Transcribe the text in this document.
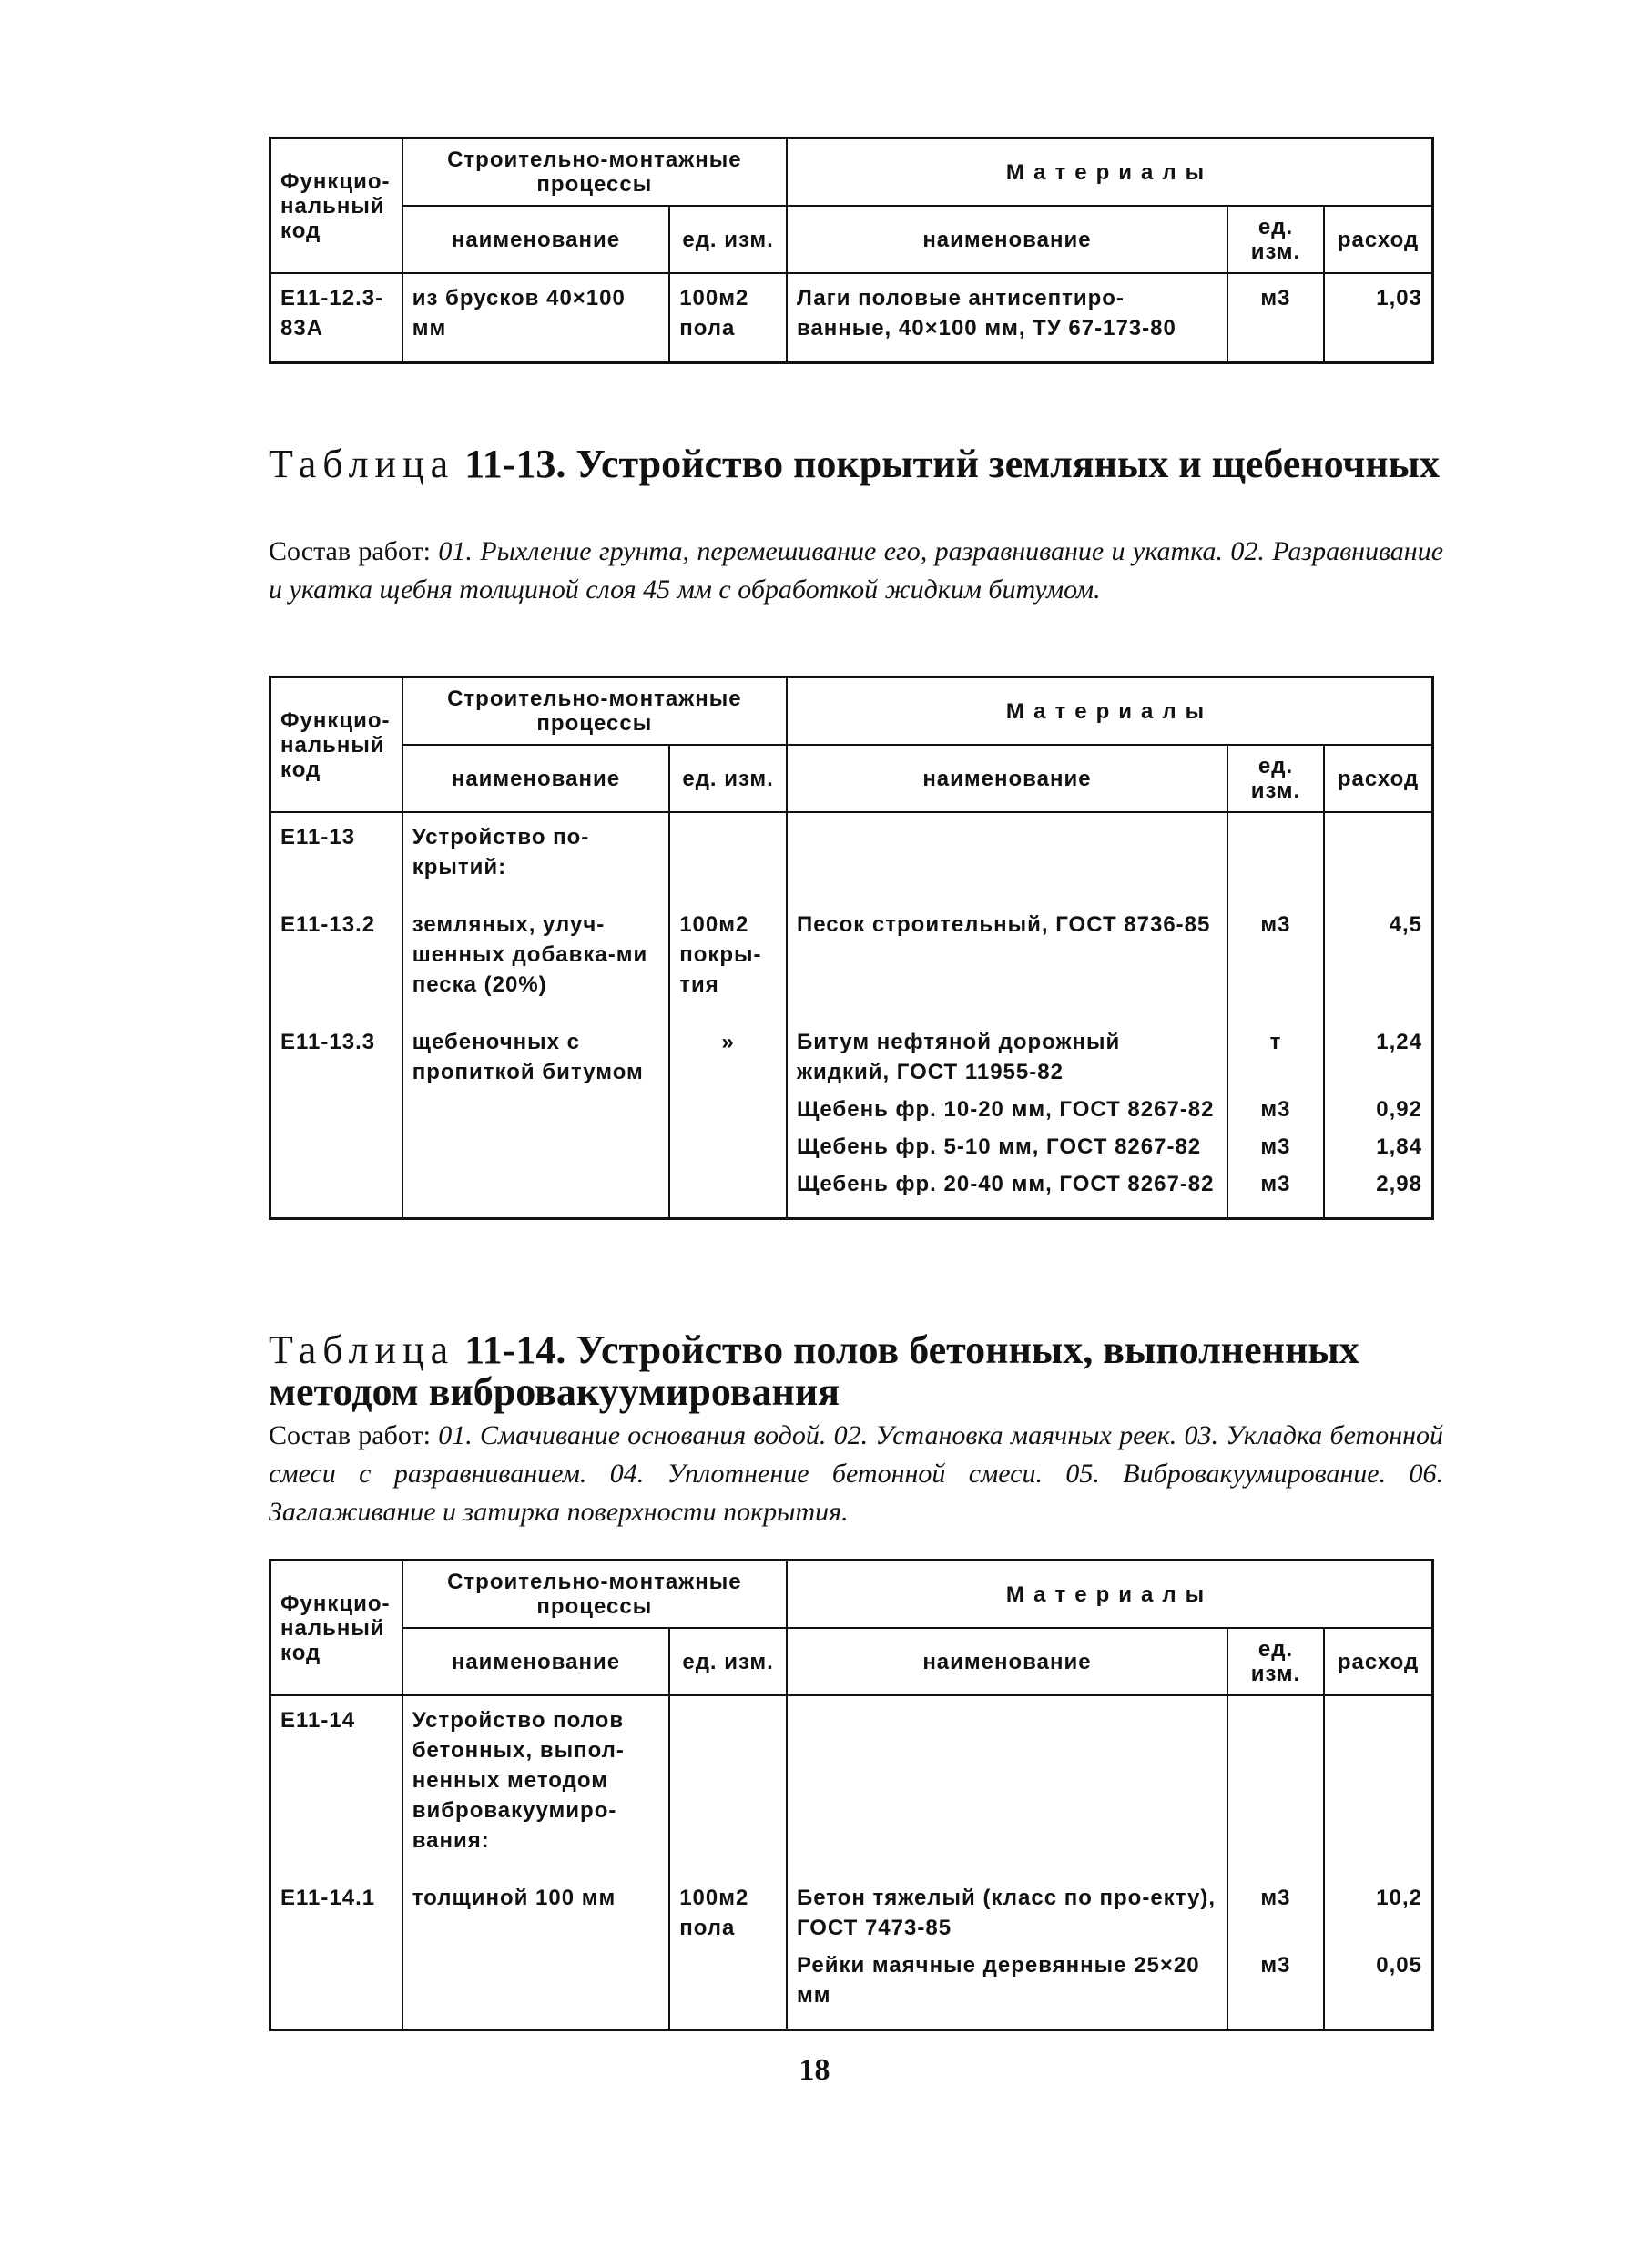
Функцио-нальный код	Строительно-монтажные процессы		Материалы		
	наименование	ед. изм.	наименование	ед. изм.	расход
Е11-12.3-83А	из брусков 40×100 мм	100м2 пола	Лаги половые антисептиро-ванные, 40×100 мм, ТУ 67-173-80	м3	1,03
Таблица 11-13. Устройство покрытий земляных и щебеночных

Состав работ: 01. Рыхление грунта, перемешивание его, разравнивание и укатка. 02. Разравнивание и укатка щебня толщиной слоя 45 мм с обработкой жидким битумом.

Функцио-нальный код	Строительно-монтажные процессы		Материалы		
	наименование	ед. изм.	наименование	ед. изм.	расход
Е11-13	Устройство по-крытий:				

Е11-13.2	земляных, улуч-шенных добавка-ми песка (20%)	100м2 покры-тия	Песок строительный, ГОСТ 8736-85	м3	4,5

Е11-13.3	щебеночных с пропиткой битумом	»	Битум нефтяной дорожный жидкий, ГОСТ 11955-82	т	1,24
			Щебень фр. 10-20 мм, ГОСТ 8267-82	м3	0,92
			Щебень фр. 5-10 мм, ГОСТ 8267-82	м3	1,84
			Щебень фр. 20-40 мм, ГОСТ 8267-82	м3	2,98
Таблица 11-14. Устройство полов бетонных, выполненных методом вибровакуумирования

Состав работ: 01. Смачивание основания водой. 02. Установка маячных реек. 03. Укладка бетонной смеси с разравниванием. 04. Уплотнение бетонной смеси. 05. Вибровакуумирование. 06. Заглаживание и затирка поверхности покрытия.

Функцио-нальный код	Строительно-монтажные процессы		Материалы		
	наименование	ед. изм.	наименование	ед. изм.	расход
Е11-14	Устройство полов бетонных, выпол-ненных методом вибровакуумиро-вания:				

Е11-14.1	толщиной 100 мм	100м2 пола	Бетон тяжелый (класс по про-екту), ГОСТ 7473-85	м3	10,2
			Рейки маячные деревянные 25×20 мм	м3	0,05
18
